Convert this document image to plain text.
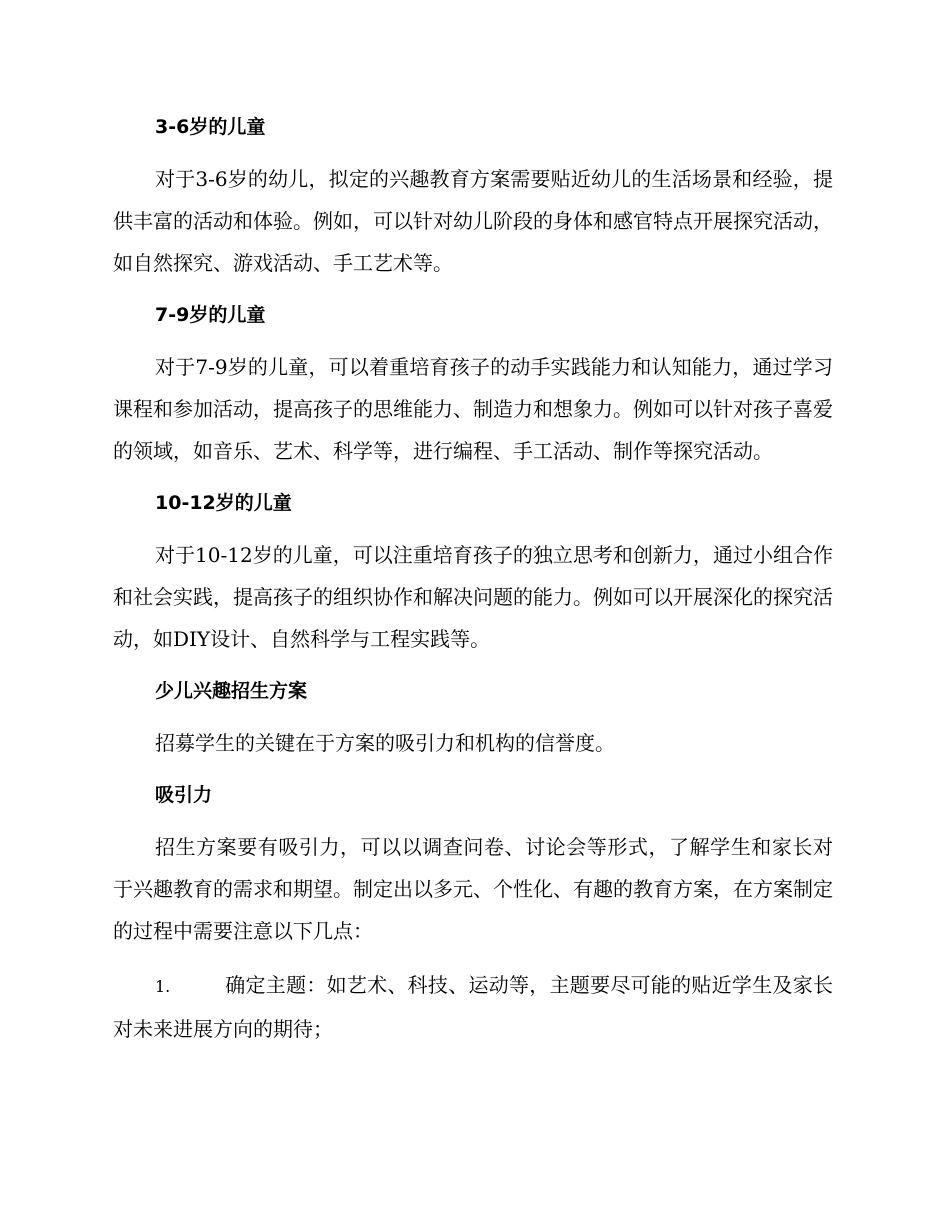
3-6岁的儿童

对于3-6岁的幼儿，拟定的兴趣教育方案需要贴近幼儿的生活场景和经验，提供丰富的活动和体验。例如，可以针对幼儿阶段的身体和感官特点开展探究活动，如自然探究、游戏活动、手工艺术等。

7-9岁的儿童

对于7-9岁的儿童，可以着重培育孩子的动手实践能力和认知能力，通过学习课程和参加活动，提高孩子的思维能力、制造力和想象力。例如可以针对孩子喜爱的领域，如音乐、艺术、科学等，进行编程、手工活动、制作等探究活动。

10-12岁的儿童

对于10-12岁的儿童，可以注重培育孩子的独立思考和创新力，通过小组合作和社会实践，提高孩子的组织协作和解决问题的能力。例如可以开展深化的探究活动，如DIY设计、自然科学与工程实践等。

少儿兴趣招生方案

招募学生的关键在于方案的吸引力和机构的信誉度。

吸引力

招生方案要有吸引力，可以以调查问卷、讨论会等形式，了解学生和家长对于兴趣教育的需求和期望。制定出以多元、个性化、有趣的教育方案，在方案制定的过程中需要注意以下几点：

1.	确定主题：如艺术、科技、运动等，主题要尽可能的贴近学生及家长对未来进展方向的期待；
